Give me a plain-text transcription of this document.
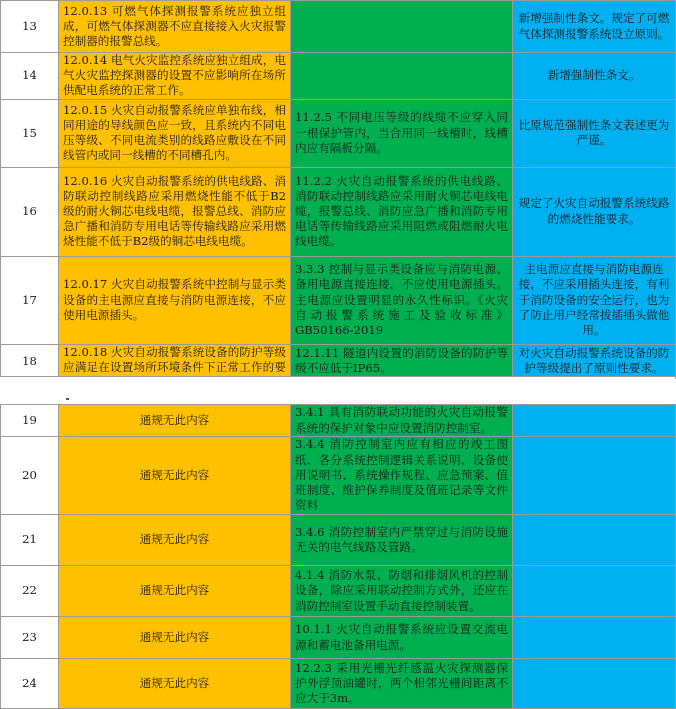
13	12.0.13 可燃气体探测报警系统应独立组成，可燃气体探测器不应直接接入火灾报警控制器的报警总线。		新增强制性条文。规定了可燃气体探测报警系统设立原则。

14	12.0.14 电气火灾监控系统应独立组成，电气火灾监控探测器的设置不应影响所在场所供配电系统的正常工作。		新增强制性条文。

15	12.0.15 火灾自动报警系统应单独布线，相同用途的导线颜色应一致，且系统内不同电压等级、不同电流类别的线路应敷设在不同线管内或同一线槽的不同槽孔内。	11.2.5 不同电压等级的线缆不应穿入同一根保护管内，当合用同一线槽时，线槽内应有隔板分隔。	比原规范强制性条文表述更为严谨。

16	12.0.16 火灾自动报警系统的供电线路、消防联动控制线路应采用燃烧性能不低于B2级的耐火铜芯电线电缆，报警总线、消防应急广播和消防专用电话等传输线路应采用燃烧性能不低于B2级的铜芯电线电缆。	11.2.2 火灾自动报警系统的供电线路、消防联动控制线路应采用耐火铜芯电线电缆，报警总线、消防应急广播和消防专用电话等传输线路应采用阻燃或阻燃耐火电线电缆。	规定了火灾自动报警系统线路的燃烧性能要求。

17	12.0.17 火灾自动报警系统中控制与显示类设备的主电源应直接与消防电源连接，不应使用电源插头。	3.3.3 控制与显示类设备应与消防电源、备用电源直接连接，不应使用电源插头。主电源应设置明显的永久性标识。《火灾自动报警系统施工及验收标准》GB50166-2019	主电源应直接与消防电源连接，不应采用插头连接，有利于消防设备的安全运行，也为了防止用户经常拔插插头做他用。

18	12.0.18 火灾自动报警系统设备的防护等级应满足在设置场所环境条件下正常工作的要	12.1.11 隧道内设置的消防设备的防护等级不应低于IP65。	对火灾自动报警系统设备的防护等级提出了原则性要求。
19	通规无此内容	3.4.1 具有消防联动功能的火灾自动报警系统的保护对象中应设置消防控制室。	

20	通规无此内容	3.4.4 消防控制室内应有相应的竣工图纸、各分系统控制逻辑关系说明、设备使用说明书、系统操作规程、应急预案、值班制度、维护保养制度及值班记录等文件资料	

21	通规无此内容	3.4.6 消防控制室内严禁穿过与消防设施无关的电气线路及管路。	

22	通规无此内容	4.1.4 消防水泵、防烟和排烟风机的控制设备，除应采用联动控制方式外，还应在消防控制室设置手动直接控制装置。	

23	通规无此内容	10.1.1 火灾自动报警系统应设置交流电源和蓄电池备用电源。	

24	通规无此内容	12.2.3 采用光栅光纤感温火灾探测器保护外浮顶油罐时，两个相邻光栅间距离不应大于3m。	
